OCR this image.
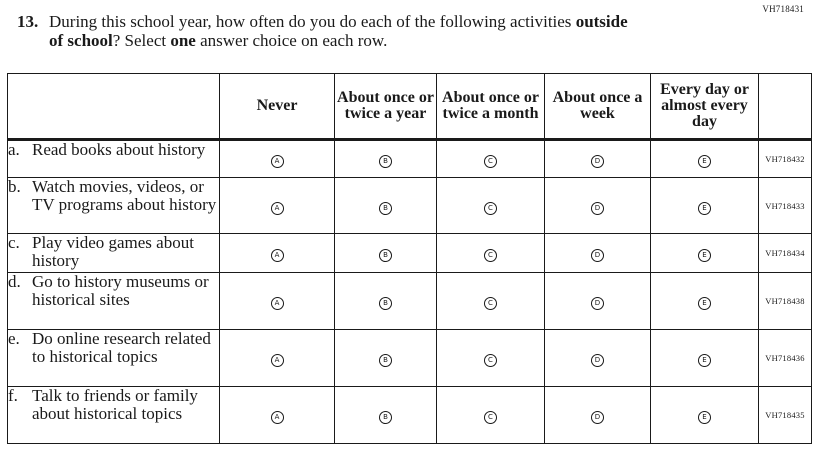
VH718431
13. During this school year, how often do you do each of the following activities outside
of school? Select one answer choice on each row.
	Never	About once or twice a year	About once or twice a month	About once a week	Every day or almost every day	

a. Read books about history	A	B	C	D	E	VH718432

b. Watch movies, videos, or TV programs about history	A	B	C	D	E	VH718433

c. Play video games about history	A	B	C	D	E	VH718434

d. Go to history museums or historical sites	A	B	C	D	E	VH718438

e. Do online research related to historical topics	A	B	C	D	E	VH718436

f. Talk to friends or family about historical topics	A	B	C	D	E	VH718435
